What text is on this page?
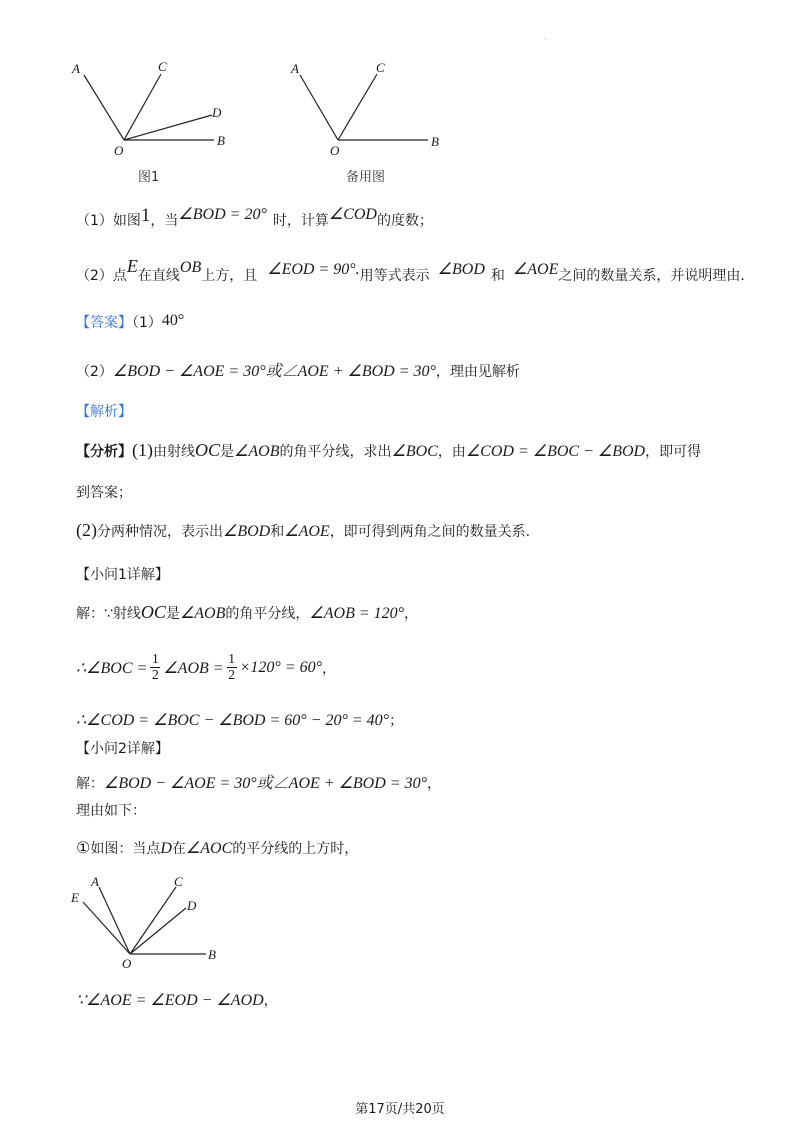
.
A	C
D
O
B
图1
A	C
O
B
备用图
（1）如图1，当∠BOD = 20° 时，计算∠COD的度数；
（2）点E在直线OB上方，且 ∠EOD = 90°.用等式表示 ∠BOD 和 ∠AOE之间的数量关系，并说明理由.
【答案】（1）40°
（2）∠BOD − ∠AOE = 30°或∠AOE + ∠BOD = 30°，理由见解析
【解析】
【分析】(1)由射线OC是∠AOB的角平分线，求出∠BOC，由∠COD = ∠BOC − ∠BOD，即可得
到答案；
(2)分两种情况，表示出∠BOD和∠AOE，即可得到两角之间的数量关系.
【小问1详解】
解：∵射线OC是∠AOB的角平分线，∠AOB = 120°，
∴∠BOC = 1
2 ∠AOB = 1
2 ×120° = 60° ，
∴∠COD = ∠BOC − ∠BOD = 60° − 20° = 40°；
【小问2详解】
解：∠BOD − ∠AOE = 30°或∠AOE + ∠BOD = 30°，
理由如下：
①如图：当点D在∠AOC的平分线的上方时，
E
A	C
D
O
B
∵∠AOE = ∠EOD − ∠AOD，
第17页/共20页
